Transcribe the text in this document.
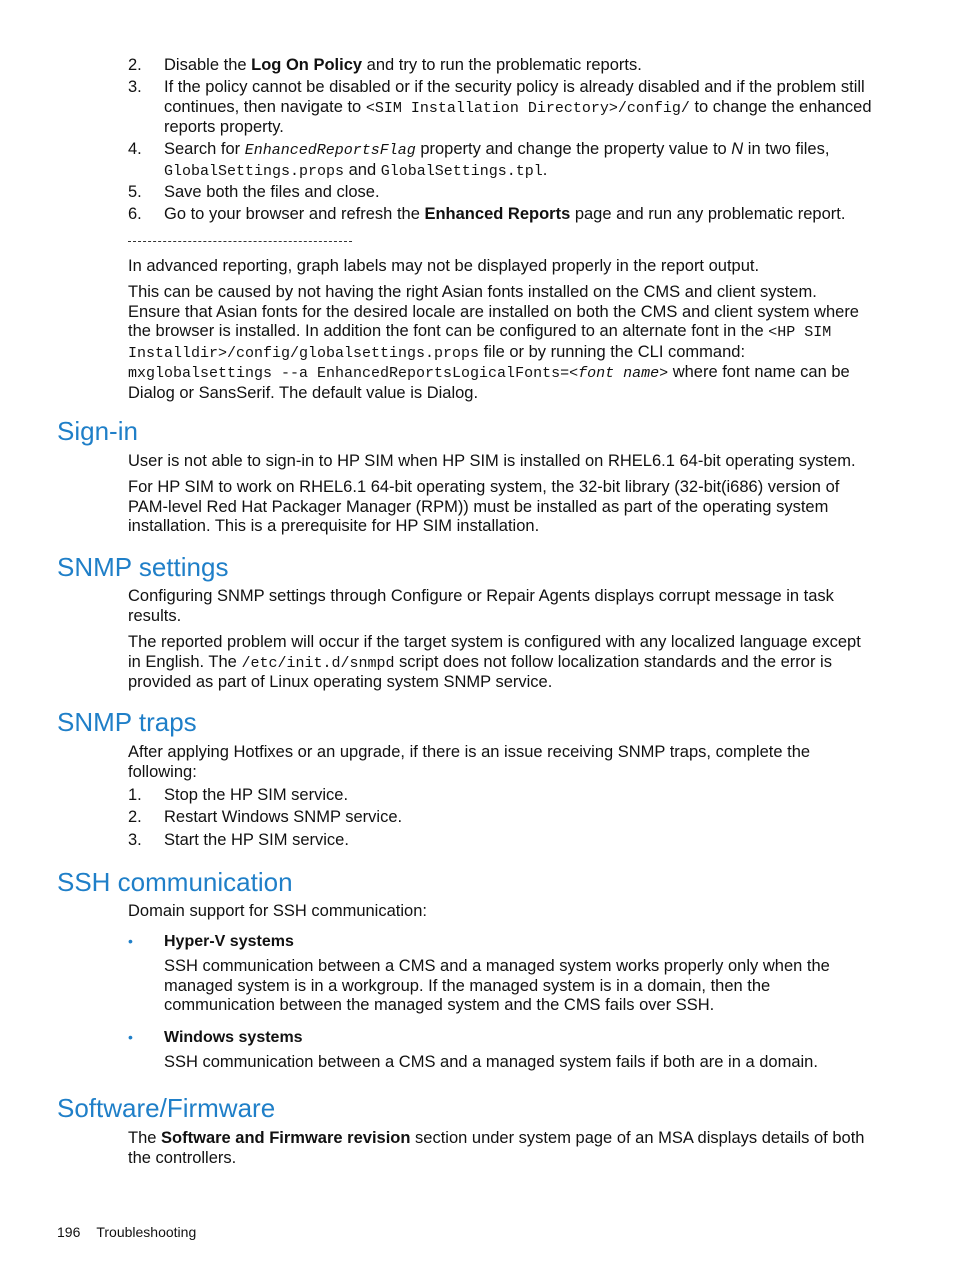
2.	Disable the Log On Policy and try to run the problematic reports.
3.	If the policy cannot be disabled or if the security policy is already disabled and if the problem still continues, then navigate to <SIM Installation Directory>/config/ to change the enhanced reports property.
4.	Search for EnhancedReportsFlag property and change the property value to N in two files, GlobalSettings.props and GlobalSettings.tpl.
5.	Save both the files and close.
6.	Go to your browser and refresh the Enhanced Reports page and run any problematic report.
In advanced reporting, graph labels may not be displayed properly in the report output.
This can be caused by not having the right Asian fonts installed on the CMS and client system. Ensure that Asian fonts for the desired locale are installed on both the CMS and client system where the browser is installed. In addition the font can be configured to an alternate font in the <HP SIM Installdir>/config/globalsettings.props file or by running the CLI command: mxglobalsettings --a EnhancedReportsLogicalFonts=<font name> where font name can be Dialog or SansSerif. The default value is Dialog.
Sign-in
User is not able to sign-in to HP SIM when HP SIM is installed on RHEL6.1 64-bit operating system.
For HP SIM to work on RHEL6.1 64-bit operating system, the 32-bit library (32-bit(i686) version of PAM-level Red Hat Packager Manager (RPM)) must be installed as part of the operating system installation. This is a prerequisite for HP SIM installation.
SNMP settings
Configuring SNMP settings through Configure or Repair Agents displays corrupt message in task results.
The reported problem will occur if the target system is configured with any localized language except in English. The /etc/init.d/snmpd script does not follow localization standards and the error is provided as part of Linux operating system SNMP service.
SNMP traps
After applying Hotfixes or an upgrade, if there is an issue receiving SNMP traps, complete the following:
1.	Stop the HP SIM service.
2.	Restart Windows SNMP service.
3.	Start the HP SIM service.
SSH communication
Domain support for SSH communication:
• Hyper-V systems
SSH communication between a CMS and a managed system works properly only when the managed system is in a workgroup. If the managed system is in a domain, then the communication between the managed system and the CMS fails over SSH.
• Windows systems
SSH communication between a CMS and a managed system fails if both are in a domain.
Software/Firmware
The Software and Firmware revision section under system page of an MSA displays details of both the controllers.
196 Troubleshooting
